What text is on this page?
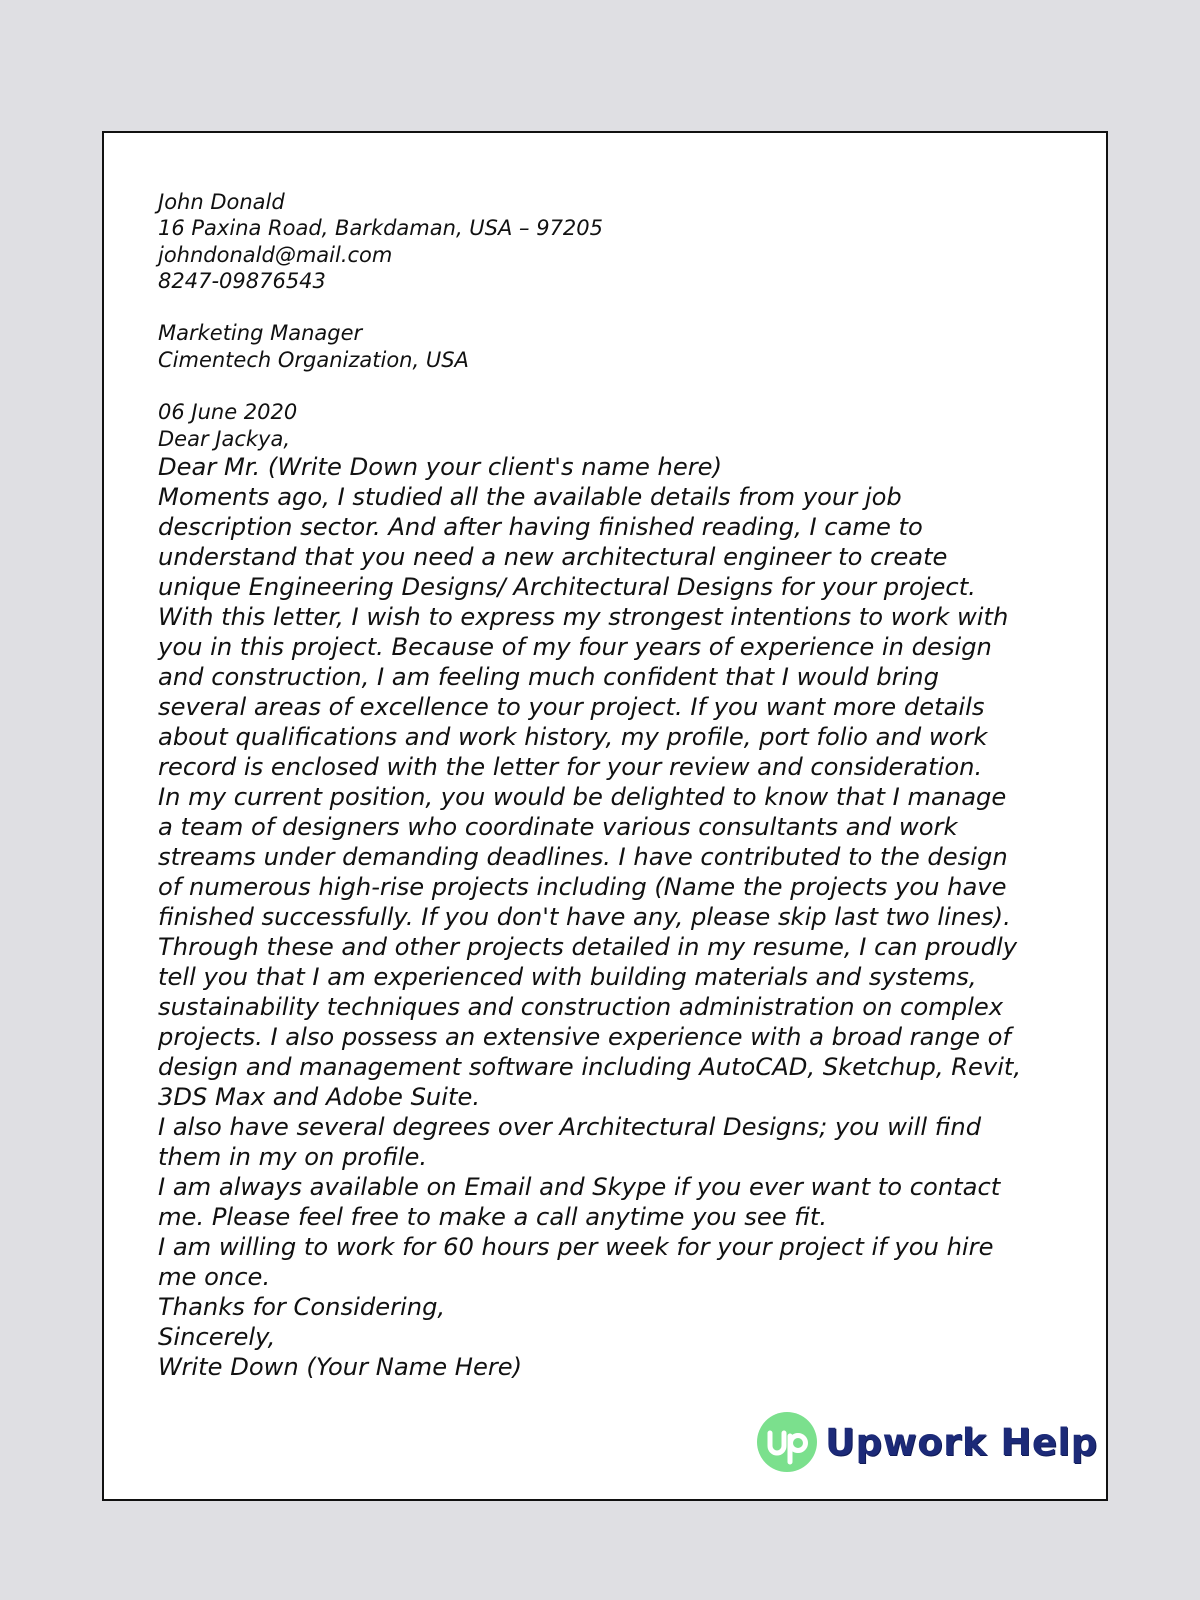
John Donald
16 Paxina Road, Barkdaman, USA – 97205
johndonald@mail.com
8247-09876543
Marketing Manager
Cimentech Organization, USA
06 June 2020
Dear Jackya,
Dear Mr. (Write Down your client's name here)
Moments ago, I studied all the available details from your job
description sector. And after having finished reading, I came to
understand that you need a new architectural engineer to create
unique Engineering Designs/ Architectural Designs for your project.
With this letter, I wish to express my strongest intentions to work with
you in this project. Because of my four years of experience in design
and construction, I am feeling much confident that I would bring
several areas of excellence to your project. If you want more details
about qualifications and work history, my profile, port folio and work
record is enclosed with the letter for your review and consideration.
In my current position, you would be delighted to know that I manage
a team of designers who coordinate various consultants and work
streams under demanding deadlines. I have contributed to the design
of numerous high-rise projects including (Name the projects you have
finished successfully. If you don't have any, please skip last two lines).
Through these and other projects detailed in my resume, I can proudly
tell you that I am experienced with building materials and systems,
sustainability techniques and construction administration on complex
projects. I also possess an extensive experience with a broad range of
design and management software including AutoCAD, Sketchup, Revit,
3DS Max and Adobe Suite.
I also have several degrees over Architectural Designs; you will find
them in my on profile.
I am always available on Email and Skype if you ever want to contact
me. Please feel free to make a call anytime you see fit.
I am willing to work for 60 hours per week for your project if you hire
me once.
Thanks for Considering,
Sincerely,
Write Down (Your Name Here)
Upwork Help
